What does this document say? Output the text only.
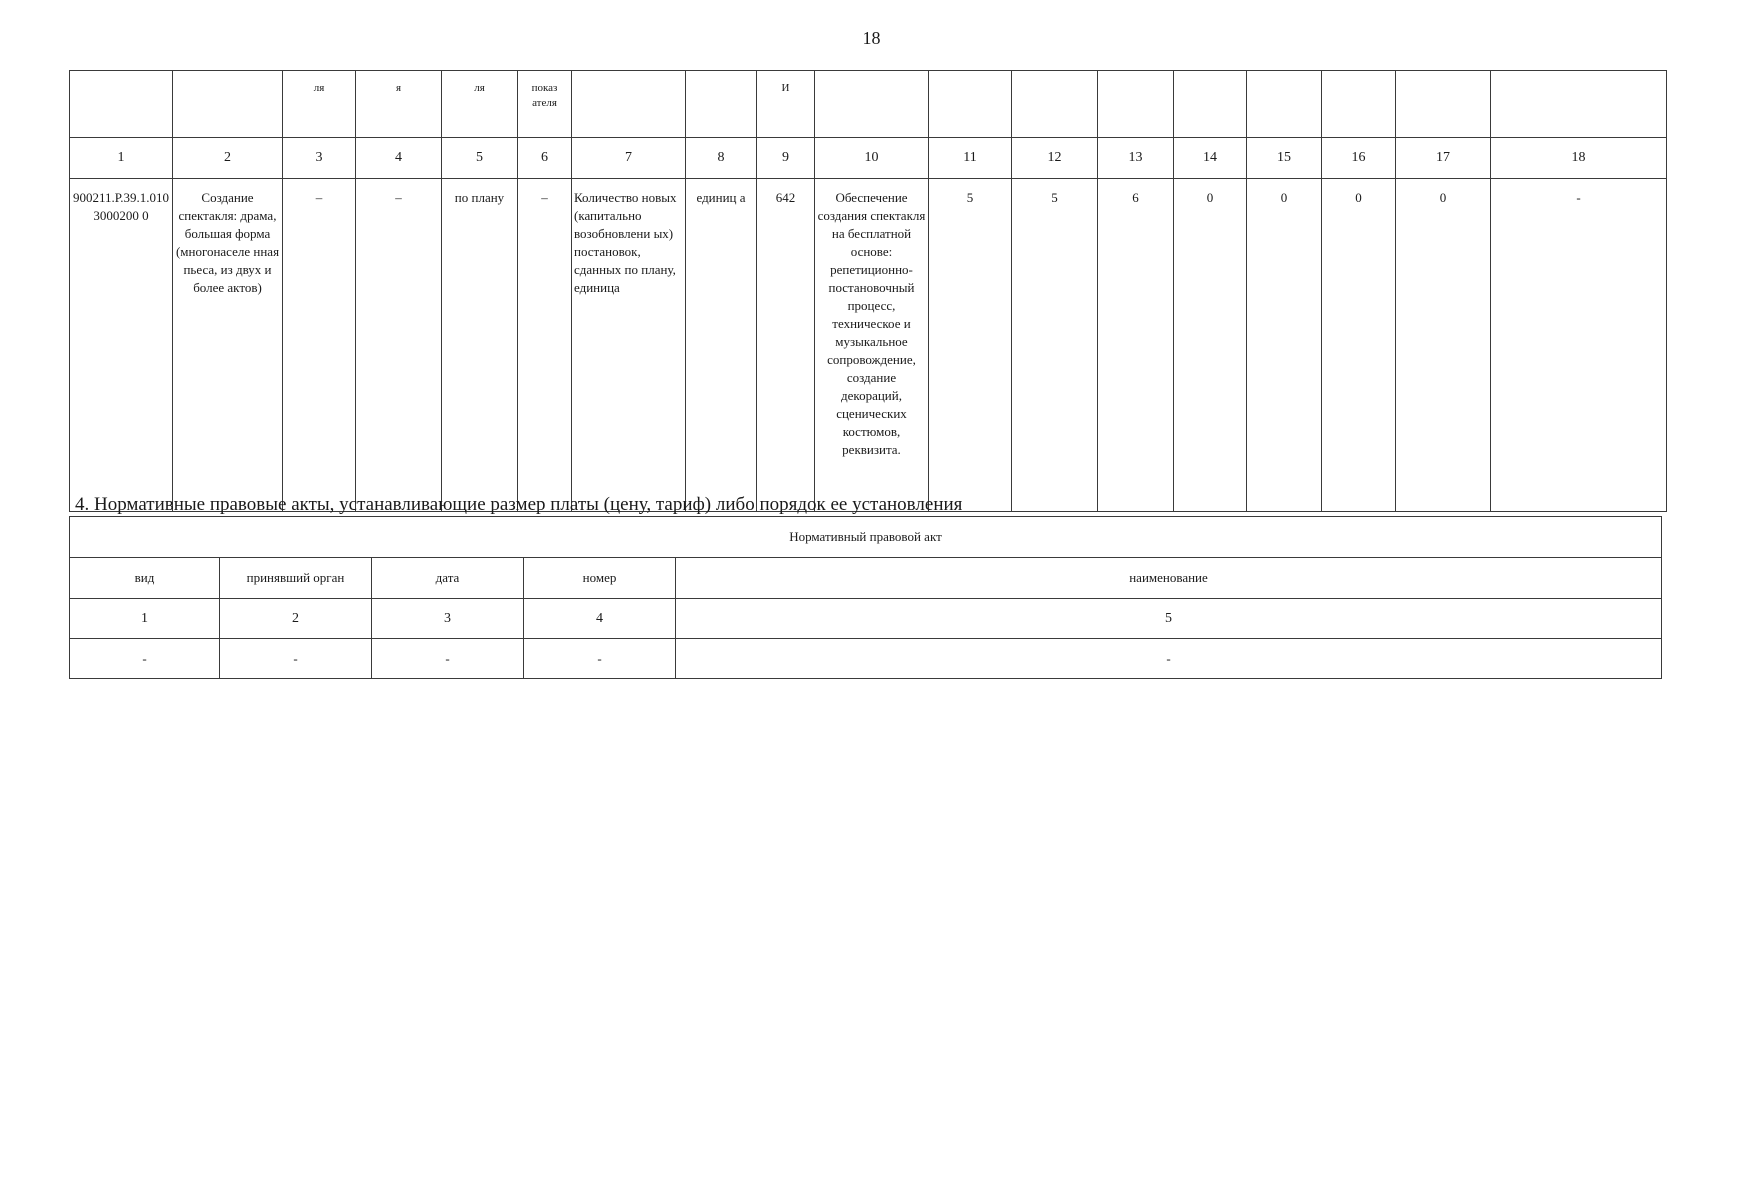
18
		ля	я	ля	показ ателя			И									
1	2	3	4	5	6	7	8	9	10	11	12	13	14	15	16	17	18
900211.Р.39.1.0103000200 0	Создание спектакля: драма, большая форма (многонаселе нная пьеса, из двух и более актов)	–	–	по плану	–	Количество новых (капитально возобновлени ых) постановок, сданных по плану, единица	единиц а	642	Обеспечение создания спектакля на бесплатной основе: репетиционно-постановочный процесс, техническое и музыкальное сопровождение, создание декораций, сценических костюмов, реквизита.	5	5	6	0	0	0	0	-
4. Нормативные правовые акты, устанавливающие размер платы (цену, тариф) либо порядок ее установления
Нормативный правовой акт				
вид	принявший орган	дата	номер	наименование
1	2	3	4	5
-	-	-	-	-
